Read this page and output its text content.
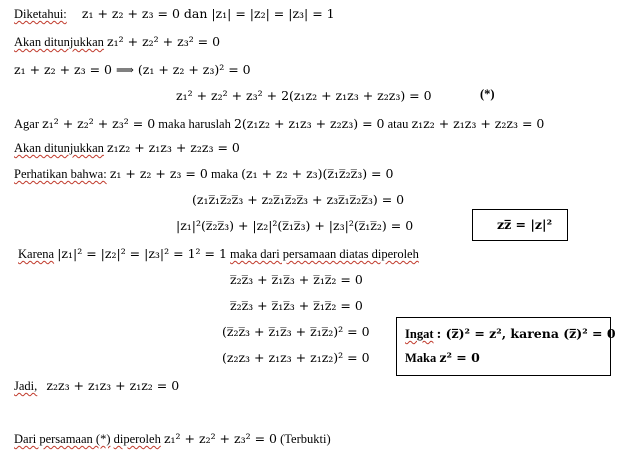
Diketahui: z₁ + z₂ + z₃ = 0 dan |z₁| = |z₂| = |z₃| = 1
Akan ditunjukkan z₁² + z₂² + z₃² = 0
z₁ + z₂ + z₃ = 0 ⟹ (z₁ + z₂ + z₃)² = 0
z₁² + z₂² + z₃² + 2(z₁z₂ + z₁z₃ + z₂z₃) = 0	(*)
Agar z₁² + z₂² + z₃² = 0 maka haruslah 2(z₁z₂ + z₁z₃ + z₂z₃) = 0 atau z₁z₂ + z₁z₃ + z₂z₃ = 0
Akan ditunjukkan z₁z₂ + z₁z₃ + z₂z₃ = 0
Perhatikan bahwa: z₁ + z₂ + z₃ = 0 maka (z₁ + z₂ + z₃)(z̅₁z̅₂z̅₃) = 0
(z₁z̅₁z̅₂z̅₃ + z₂z̅₁z̅₂z̅₃ + z₃z̅₁z̅₂z̅₃) = 0
|z₁|²(z̅₂z̅₃) + |z₂|²(z̅₁z̅₃) + |z₃|²(z̅₁z̅₂) = 0	zz̅ = |z|²
Karena |z₁|² = |z₂|² = |z₃|² = 1² = 1 maka dari persamaan diatas diperoleh
z̅₂z̅₃ + z̅₁z̅₃ + z̅₁z̅₂ = 0
z̅₂z̅₃ + z̅₁z̅₃ + z̅₁z̅₂ = 0
(z̅₂z̅₃ + z̅₁z̅₃ + z̅₁z̅₂)² = 0
(z₂z₃ + z₁z₃ + z₁z₂)² = 0
Ingat : (z̅)² = z², karena (z̅)² = 0
Maka z² = 0
Jadi, z₂z₃ + z₁z₃ + z₁z₂ = 0
Dari persamaan (*) diperoleh z₁² + z₂² + z₃² = 0 (Terbukti)
